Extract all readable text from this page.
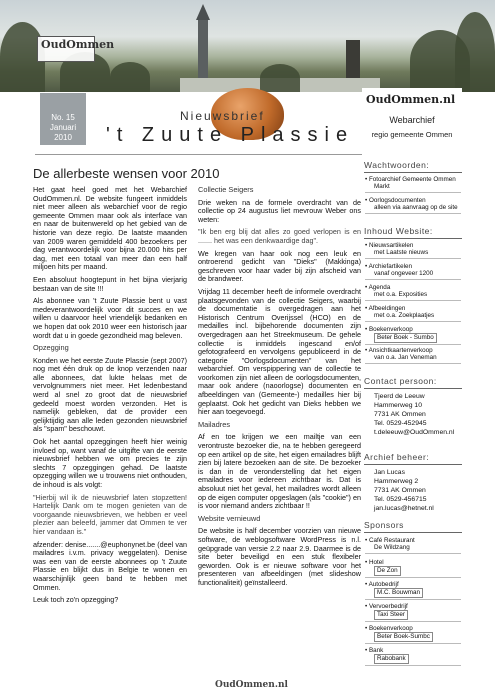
OudOmmen
No. 15
Januari
2010
Nieuwsbrief
't Zuute Plassie
De allerbeste wensen voor 2010

Het gaat heel goed met het Webarchief OudOmmen.nl. De website fungeert inmiddels niet meer alleen als webarchief voor de regio gemeente Ommen maar ook als interface van en naar de buitenwereld op het gebied van de historie van deze regio. De laatste maanden van 2009 waren gemiddeld 400 bezoekers per dag verantwoordelijk voor bijna 20.000 hits per dag, met een totaal van meer dan een half miljoen hits per maand.

Een absoluut hoogtepunt in het bijna vierjarig bestaan van de site !!!

Als abonnee van 't Zuute Plassie bent u vast medeverantwoordelijk voor dit succes en we willen u daarvoor heel vriendelijk bedanken en we hopen dat ook 2010 weer een historisch jaar wordt dat u in goede gezondheid mag beleven.

Opzegging

Konden we het eerste Zuute Plassie (sept 2007) nog met één druk op de knop verzenden naar alle abonnees, dat lukte helaas met de vervolgnummers niet meer. Het ledenbestand werd al snel zo groot dat de nieuwsbrief gedeeld moest worden verzonden. Het is namelijk gebleken, dat de provider een gelijktijdig aan alle leden gezonden nieuwsbrief als "spam" beschouwt.

Ook het aantal opzeggingen heeft hier weinig invloed op, want vanaf de uitgifte van de eerste nieuwsbrief hebben we om precies te zijn slechts 7 opzeggingen gehad. De laatste opzegging willen we u trouwens niet onthouden, de inhoud is als volgt:

"Hierbij wil ik de nieuwsbrief laten stopzetten! Hartelijk Dank om te mogen genieten van de voorgaande nieuwsbrieven, we hebben er veel plezier aan beleefd, jammer dat Ommen te ver hier vandaan is."

afzender: denise.......@euphonynet.be (deel van mailadres i.v.m. privacy weggelaten). Denise was een van de eerste abonnees op 't Zuute Plassie en blijkt dus in Belgie te wonen en waarschijnlijk geen band te hebben met Ommen.

Leuk toch zo'n opzegging?

Collectie Seigers

Drie weken na de formele overdracht van de collectie op 24 augustus liet mevrouw Weber ons weten:

"Ik ben erg blij dat alles zo goed verlopen is en ....... het was een denkwaardige dag".

We kregen van haar ook nog een leuk en ontroerend gedicht van "Dieks" (Makkinga) geschreven voor haar vader bij zijn afscheid van de brandweer.

Vrijdag 11 december heeft de informele overdracht plaatsgevonden van de collectie Seigers, waarbij de documentatie is overgedragen aan het Historisch Centrum Overijssel (HCO) en de medailles incl. bijbehorende documenten zijn overgedragen aan het Streekmuseum. De gehele collectie is inmiddels ingescand en/of gefotografeerd en vervolgens gepubliceerd in de categorie "Oorlogsdocumenten" van het webarchief. Om verspippering van de collectie te voorkomen zijn niet alleen de oorlogsdocumenten, maar ook andere (naoorlogse) documenten en afbeeldingen van (Gemeente-) medailles hier bij geplaatst. Ook het gedicht van Dieks hebben we hier aan toegevoegd.

Mailadres

Af en toe krijgen we een mailtje van een verontruste bezoeker die, na te hebben geregeerd op een artikel op de site, het eigen emailadres blijft zien bij latere bezoeken aan de site. De bezoeker is dan in de veronderstelling dat het eigen emailadres voor iedereen zichtbaar is. Dat is absoluut niet het geval, het mailadres wordt alleen op de eigen computer opgeslagen (als "cookie") en is voor niemand anders zichtbaar !!

Website vernieuwd

De website is half december voorzien van nieuwe software, de weblogsoftware WordPress is n.l. geüpgrade van versie 2.2 naar 2.9. Daarmee is de site beter beveiligd en een stuk flexibeler geworden. Ook is er nieuwe software voor het presenteren van afbeeldingen (met slideshow functionaliteit) geïnstalleerd.

OudOmmen.nl
Webarchief
regio gemeente Ommen
Wachtwoorden:
• Fotoarchief Gemeente Ommen
Markt
• Oorlogsdocumenten
alleen via aanvraag op de site
Inhoud Website:
• Nieuwsartikelen
met Laatste nieuws
• Archiefartikelen
vanaf ongeveer 1200
• Agenda
met o.a. Exposities
• Afbeeldingen
met o.a. Zoekplaatjes
• Boekenverkoop
Beter Boek - Sumbo
• Ansichtkaartenverkoop
van o.a. Jan Veneman
Contact persoon:
Tjeerd de Leeuw
Hammerweg 10
7731 AK Ommen
Tel. 0529-452945
t.deleeuw@OudOmmen.nl
Archief beheer:
Jan Lucas
Hammerweg 2
7731 AK Ommen
Tel. 0529-456715
jan.lucas@hetnet.nl
Sponsors
• Café Restaurant
De Wildzang
• Hotel
De Zon
• Autobedrijf
M.C. Bouwman
• Vervoerbedrijf
Taxi Steer
• Boekenverkoop
Beter Boek-Sumbc
• Bank
Rabobank
OudOmmen.nl
